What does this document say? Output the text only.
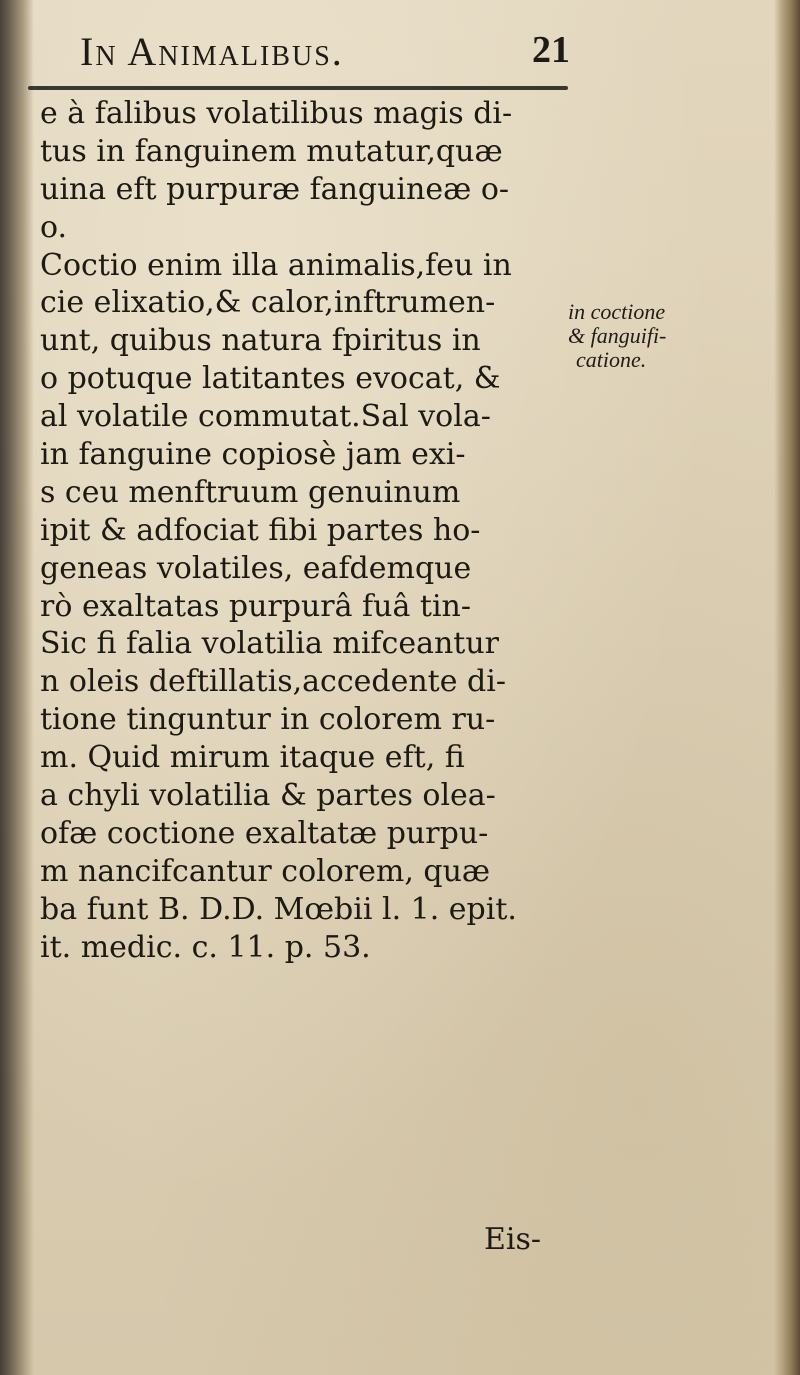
In Animalibus.	21
e à falibus volatilibus magis di-
tus in fanguinem mutatur,quæ
uina eft purpuræ fanguineæ o-
o.
Coctio enim illa animalis,feu in
cie elixatio,& calor,inftrumen-
unt, quibus natura fpiritus in
o potuque latitantes evocat, &
al volatile commutat.Sal vola-
in fanguine copiosè jam exi-
s ceu menftruum genuinum
ipit & adfociat fibi partes ho-
geneas volatiles, eafdemque
rò exaltatas purpurâ fuâ tin-
Sic fi falia volatilia mifceantur
n oleis deftillatis,accedente di-
tione tinguntur in colorem ru-
m. Quid mirum itaque eft, fi
a chyli volatilia & partes olea-
ofæ coctione exaltatæ purpu-
m nancifcantur colorem, quæ
ba funt B. D.D. Mœbii l. 1. epit.
it. medic. c. 11. p. 53.
in coctione
& fanguifi-
catione.
Eis-
